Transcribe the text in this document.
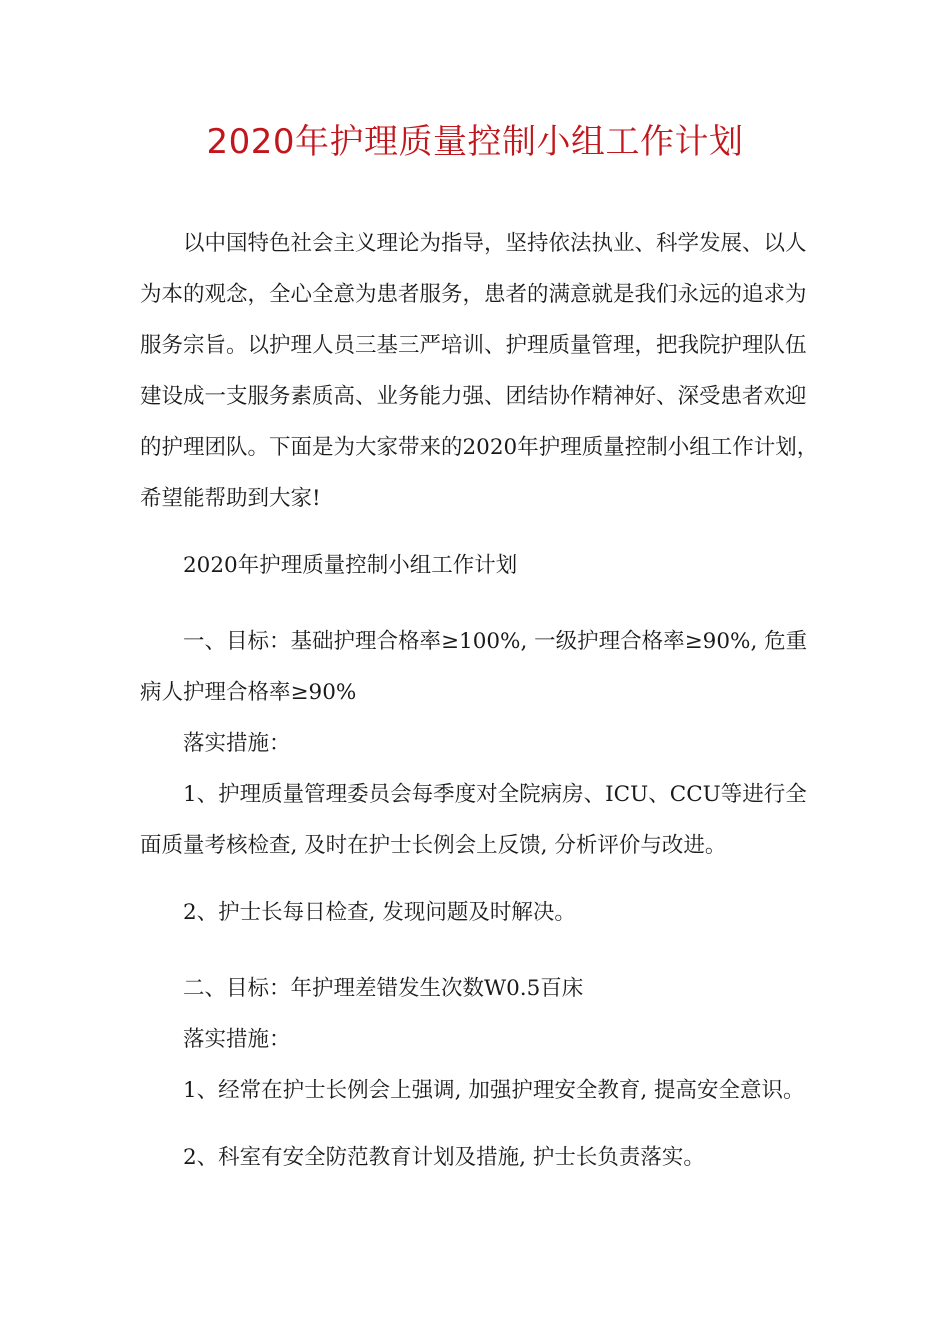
2020年护理质量控制小组工作计划

以中国特色社会主义理论为指导，坚持依法执业、科学发展、以人为本的观念，全心全意为患者服务，患者的满意就是我们永远的追求为服务宗旨。以护理人员三基三严培训、护理质量管理，把我院护理队伍建设成一支服务素质高、业务能力强、团结协作精神好、深受患者欢迎的护理团队。下面是为大家带来的2020年护理质量控制小组工作计划，希望能帮助到大家!

2020年护理质量控制小组工作计划

一、目标：基础护理合格率≥100%, 一级护理合格率≥90%, 危重病人护理合格率≥90%

落实措施：

1、护理质量管理委员会每季度对全院病房、ICU、CCU等进行全面质量考核检查, 及时在护士长例会上反馈, 分析评价与改进。

2、护士长每日检查, 发现问题及时解决。

二、目标：年护理差错发生次数W0.5百床

落实措施：

1、经常在护士长例会上强调, 加强护理安全教育, 提高安全意识。

2、科室有安全防范教育计划及措施, 护士长负责落实。
